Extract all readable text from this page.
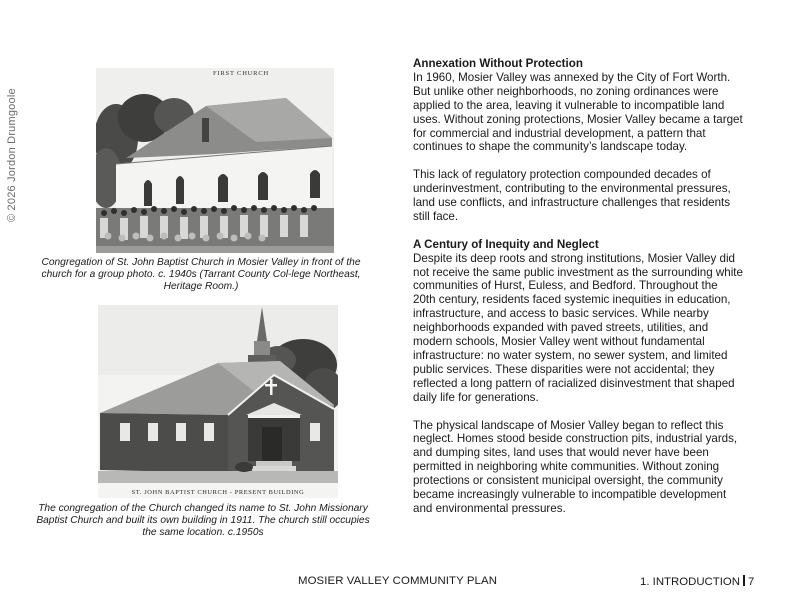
© 2026 Jordon Drumgoole
FIRST CHURCH
Congregation of St. John Baptist Church in Mosier Valley in front of the church for a group photo. c. 1940s (Tarrant County Col-lege Northeast, Heritage Room.)
ST. JOHN BAPTIST CHURCH - PRESENT BUILDING
The congregation of the Church changed its name to St. John Missionary Baptist Church and built its own building in 1911. The church still occupies the same location. c.1950s
Annexation Without Protection

In 1960, Mosier Valley was annexed by the City of Fort Worth. But unlike other neighborhoods, no zoning ordinances were applied to the area, leaving it vulnerable to incompatible land uses. Without zoning protections, Mosier Valley became a target for commercial and industrial development, a pattern that continues to shape the community’s landscape today.

This lack of regulatory protection compounded decades of underinvestment, contributing to the environmental pressures, land use conflicts, and infrastructure challenges that residents still face.

A Century of Inequity and Neglect

Despite its deep roots and strong institutions, Mosier Valley did not receive the same public investment as the surrounding white communities of Hurst, Euless, and Bedford. Throughout the 20th century, residents faced systemic inequities in education, infrastructure, and access to basic services. While nearby neighborhoods expanded with paved streets, utilities, and modern schools, Mosier Valley went without fundamental infrastructure: no water system, no sewer system, and limited public services. These disparities were not accidental; they reflected a long pattern of racialized disinvestment that shaped daily life for generations.

The physical landscape of Mosier Valley began to reflect this neglect. Homes stood beside construction pits, industrial yards, and dumping sites, land uses that would never have been permitted in neighboring white communities. Without zoning protections or consistent municipal oversight, the community became increasingly vulnerable to incompatible development and environmental pressures.

MOSIER VALLEY COMMUNITY PLAN	1. INTRODUCTION 7
